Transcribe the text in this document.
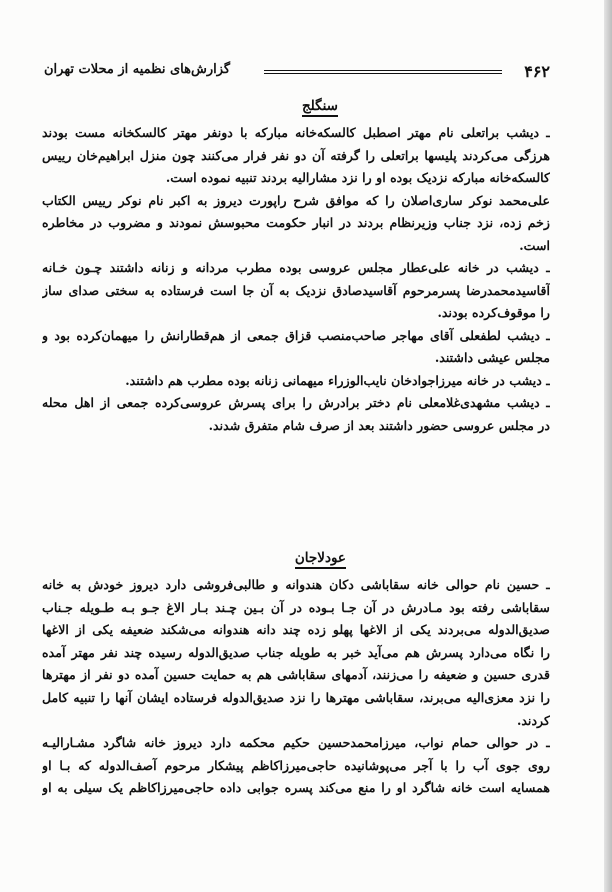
۴۶۲
گزارش‌های نظمیه از محلات تهران
سنگلج
ـ دیشب براتعلی نام مهتر اصطبل کالسکه‌خانه مبارکه با دونفر مهتر کالسکخانه مست بودند
هرزگی می‌کردند پلیسها براتعلی را گرفته آن دو نفر فرار می‌کنند چون منزل ابراهیم‌خان رییس
کالسکه‌خانه مبارکه نزدیک بوده او را نزد مشارالیه بردند تنبیه نموده است.
علی‌محمد نوکر ساری‌اصلان را که موافق شرح راپورت دیروز به اکبر نام نوکر رییس الکتاب
زخم زده، نزد جناب وزیرنظام بردند در انبار حکومت محبوسش نمودند و مضروب در مخاطره
است.
ـ دیشب در خانه علی‌عطار مجلس عروسی بوده مطرب مردانه و زنانه داشتند چـون خـانه
آقاسیدمحمدرضا پسرمرحوم آقاسیدصادق نزدیک به آن جا است فرستاده به سختی صدای ساز
را موقوف‌کرده بودند.
ـ دیشب لطفعلی آقای مهاجر صاحب‌منصب قزاق جمعی از هم‌قطارانش را میهمان‌کرده بود و
مجلس عیشی داشتند.
ـ دیشب در خانه میرزاجوادخان نایب‌الوزراء میهمانی زنانه بوده مطرب هم داشتند.
ـ دیشب مشهدی‌غلامعلی نام دختر برادرش را برای پسرش عروسی‌کرده جمعی از اهل محله
در مجلس عروسی حضور داشتند بعد از صرف شام متفرق شدند.
عودلاجان
ـ حسین نام حوالی خانه سقاباشی دکان هندوانه و طالبی‌فروشی دارد دیروز خودش به خانه
سقاباشی رفته بود مـادرش در آن جـا بـوده در آن بـین چـند بـار الاغ جـو بـه طـویله جـناب
صدیق‌الدوله می‌بردند یکی از الاغها پهلو زده چند دانه هندوانه می‌شکند ضعیفه یکی از الاغها
را نگاه می‌دارد پسرش هم می‌آید خبر به طویله جناب صدیق‌الدوله رسیده چند نفر مهتر آمده
قدری حسین و ضعیفه را می‌زنند، آدمهای سقاباشی هم به حمایت حسین آمده دو نفر از مهترها
را نزد معزی‌الیه می‌برند، سقاباشی مهترها را نزد صدیق‌الدوله فرستاده ایشان آنها را تنبیه کامل
کردند.
ـ در حوالی حمام نواب، میرزامحمدحسین حکیم محکمه دارد دیروز خانه شاگرد مشـارالیـه
روی جوی آب را با آجر می‌پوشانیده حاجی‌میرزاکاظم پیشکار مرحوم آصف‌الدوله که بـا او
همسایه است خانه شاگرد او را منع می‌کند پسره جوابی داده حاجی‌میرزاکاظم یک سیلی به او
